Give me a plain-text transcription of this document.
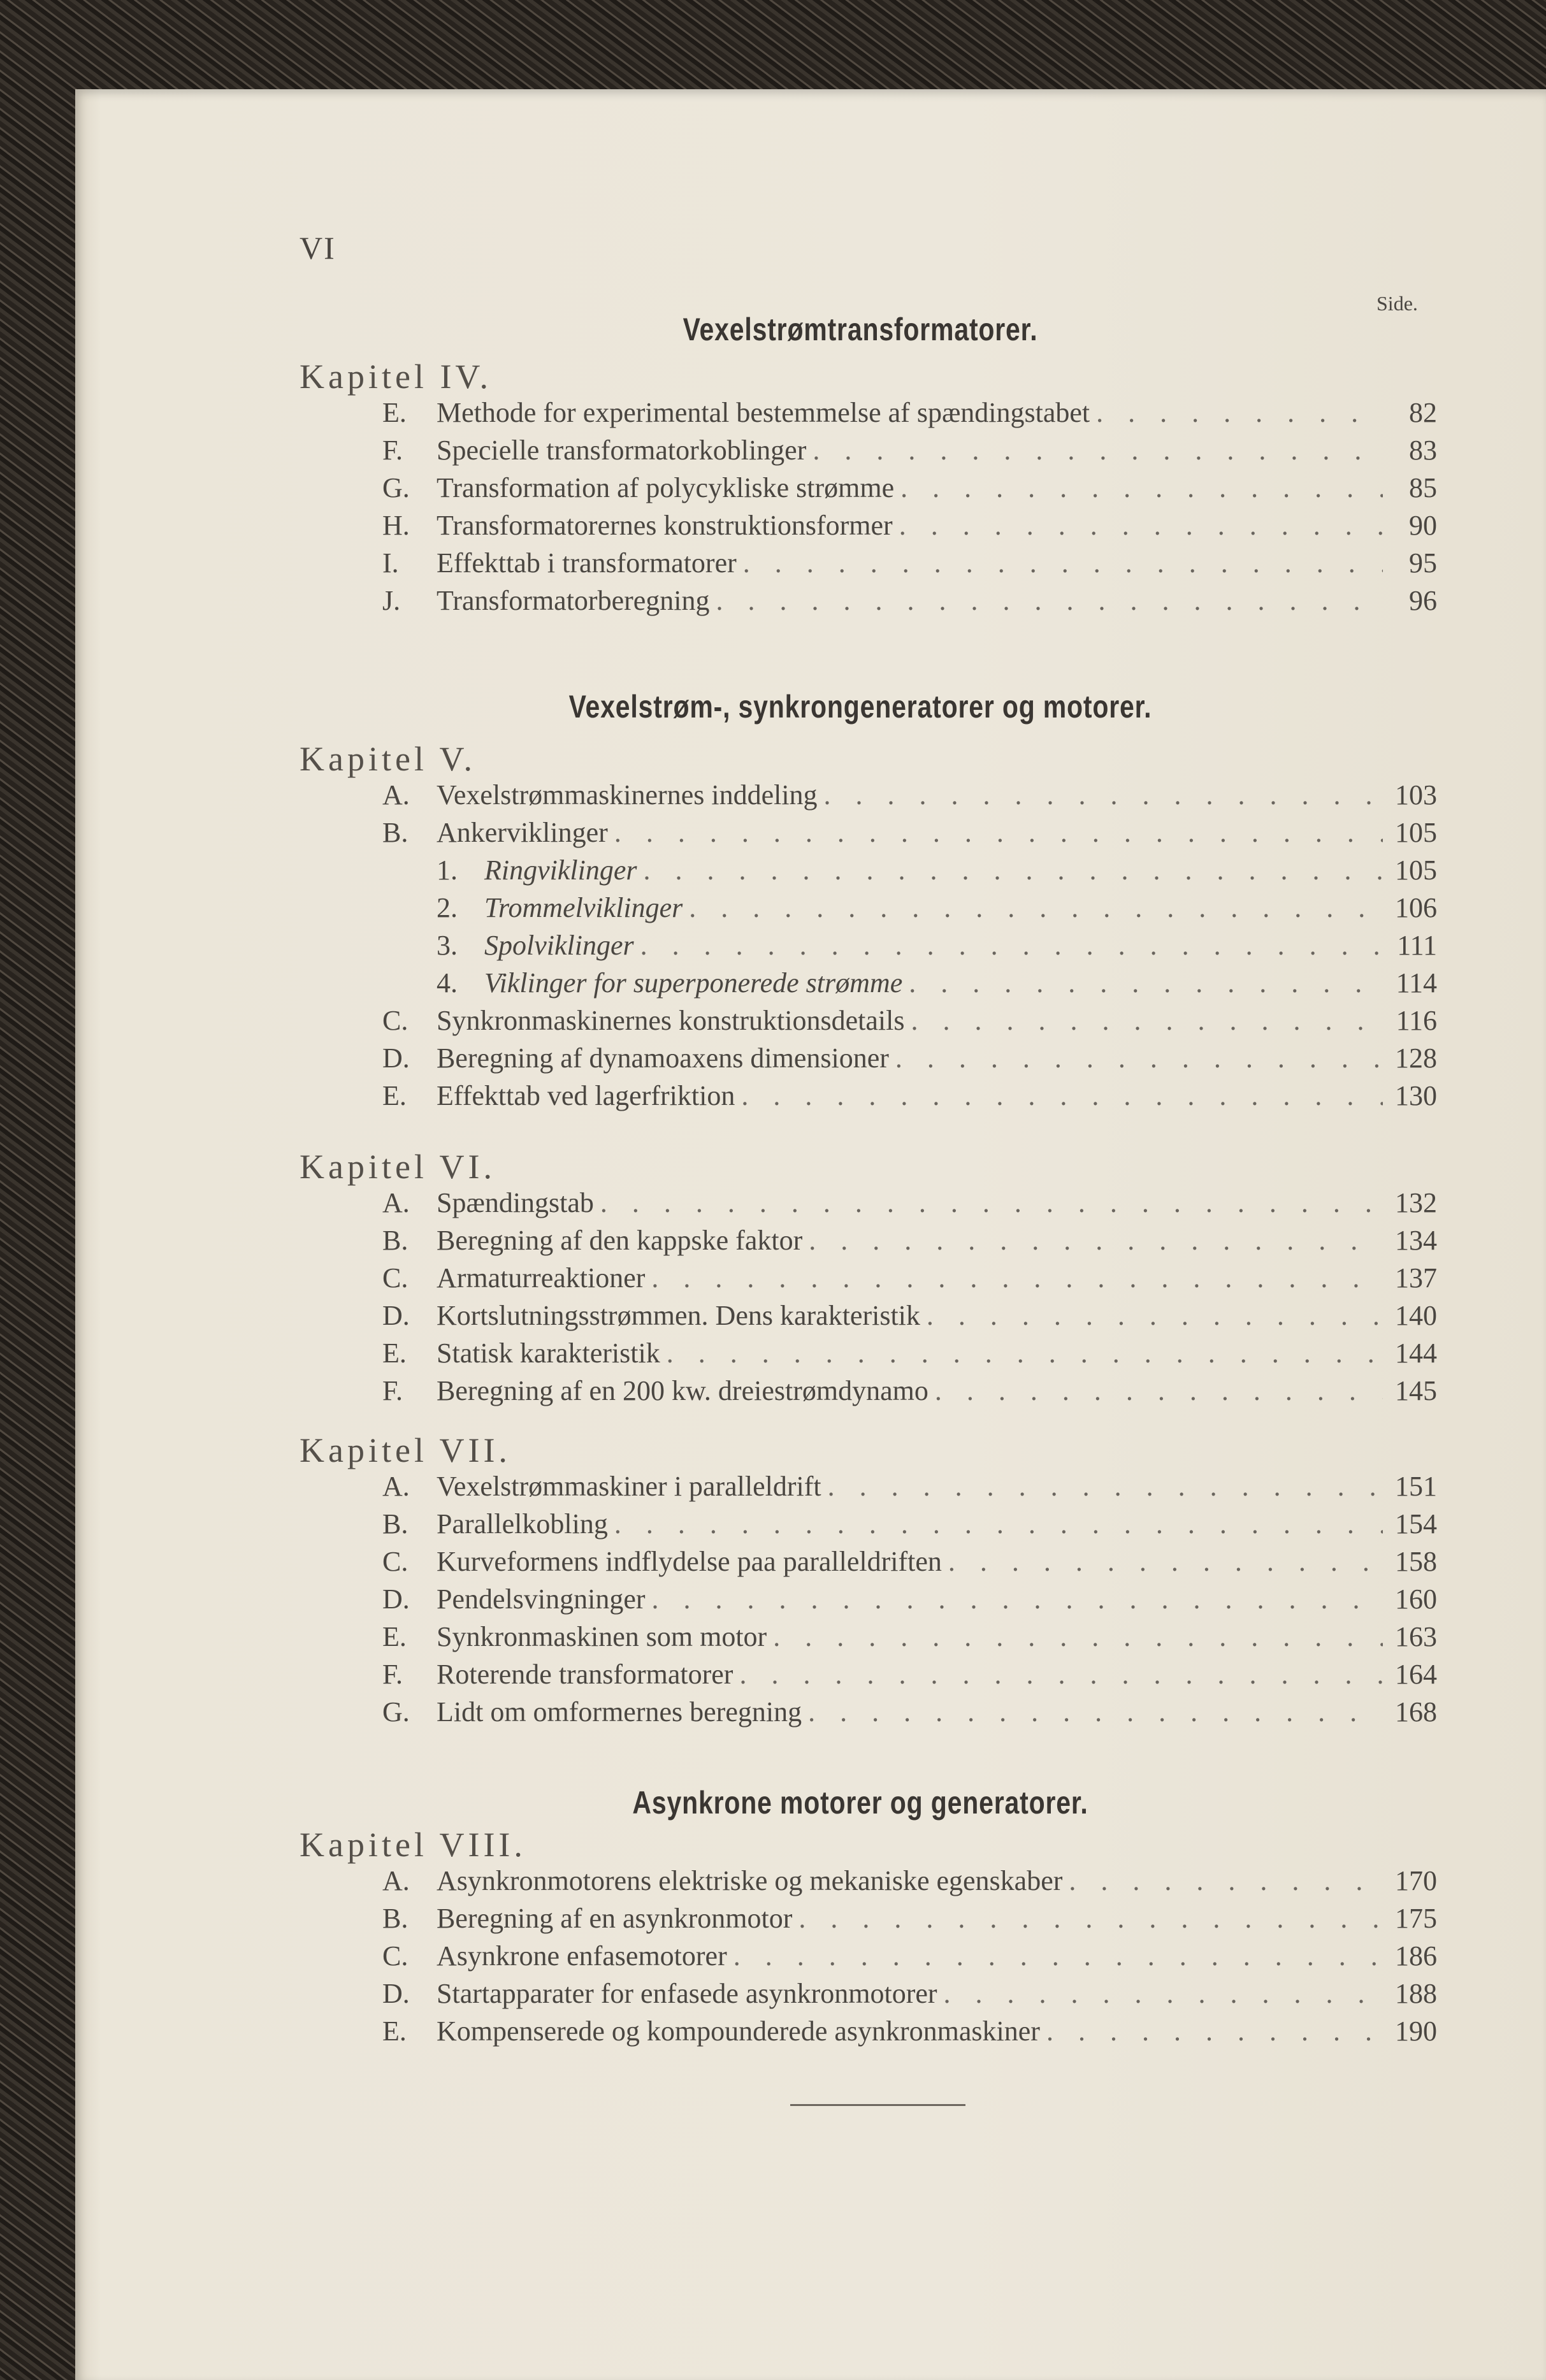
VI
Side.
Vexelstrømtransformatorer.
Kapitel IV.
E.	Methode for experimental bestemmelse af spændingstabet . . .	82
F.	Specielle transformatorkoblinger . . .	83
G. Transformation af polycykliske strømme . . .	85
H. Transformatorernes konstruktionsformer . . .	90
I.	Effekttab i transformatorer . . .	95
J.	Transformatorberegning . . .	96
Vexelstrøm-, synkrongeneratorer og motorer.
Kapitel V.
A. Vexelstrømmaskinernes inddeling . . .	103
B.	Ankerviklinger . . .	105
1. Ringviklinger . . .	105
2. Trommelviklinger . . .	106
3. Spolviklinger . . .	111
4. Viklinger for superponerede strømme . . .	114
C.	Synkronmaskinernes konstruktionsdetails . . .	116
D. Beregning af dynamoaxens dimensioner . . .	128
E.	Effekttab ved lagerfriktion . . .	130
Kapitel VI.
A. Spændingstab . . .	132
B.	Beregning af den kappske faktor . . .	134
C.	Armaturreaktioner . . .	137
D. Kortslutningsstrømmen. Dens karakteristik . . .	140
E.	Statisk karakteristik . . .	144
F.	Beregning af en 200 kw. dreiestrømdynamo . . .	145
Kapitel VII.
A. Vexelstrømmaskiner i paralleldrift . . .	151
B.	Parallelkobling . . .	154
C.	Kurveformens indflydelse paa paralleldriften . . .	158
D. Pendelsvingninger . . .	160
E.	Synkronmaskinen som motor . . .	163
F.	Roterende transformatorer . . .	164
G. Lidt om omformernes beregning . . .	168
Asynkrone motorer og generatorer.
Kapitel VIII.
A. Asynkronmotorens elektriske og mekaniske egenskaber . . .	170
B.	Beregning af en asynkronmotor . . .	175
C.	Asynkrone enfasemotorer . . .	186
D. Startapparater for enfasede asynkronmotorer . . .	188
E.	Kompenserede og kompounderede asynkronmaskiner . . .	190
